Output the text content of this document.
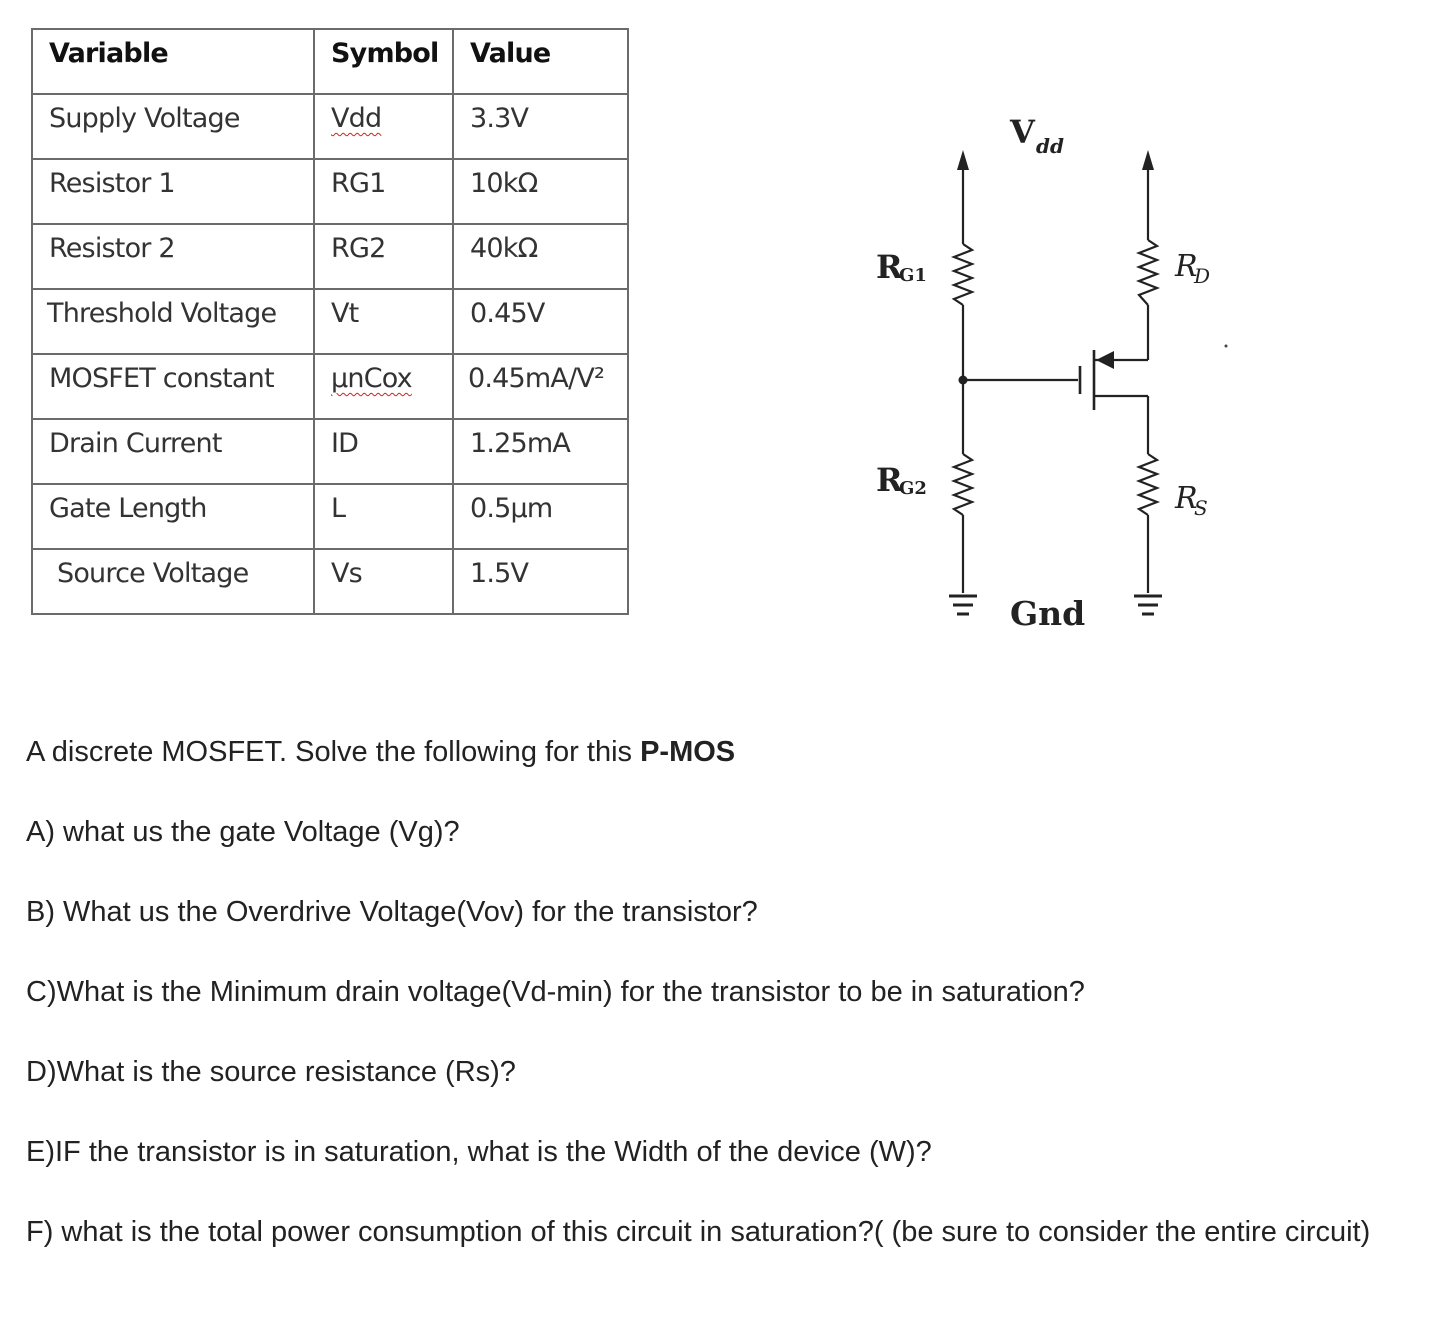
Variable	Symbol	Value
Supply Voltage	Vdd	3.3V
Resistor 1	RG1	10kΩ
Resistor 2	RG2	40kΩ
Threshold Voltage	Vt	0.45V
MOSFET constant	µnCox	0.45mA/V²
Drain Current	ID	1.25mA
Gate Length	L	0.5µm
Source Voltage	Vs	1.5V
V dd
R
G1
R
G2
R
D
R
S
Gnd

A discrete MOSFET. Solve the following for this P-MOS

A) what us the gate Voltage (Vg)?

B) What us the Overdrive Voltage(Vov) for the transistor?

C)What is the Minimum drain voltage(Vd-min) for the transistor to be in saturation?

D)What is the source resistance (Rs)?

E)IF the transistor is in saturation, what is the Width of the device (W)?

F) what is the total power consumption of this circuit in saturation?( (be sure to consider the entire circuit)
